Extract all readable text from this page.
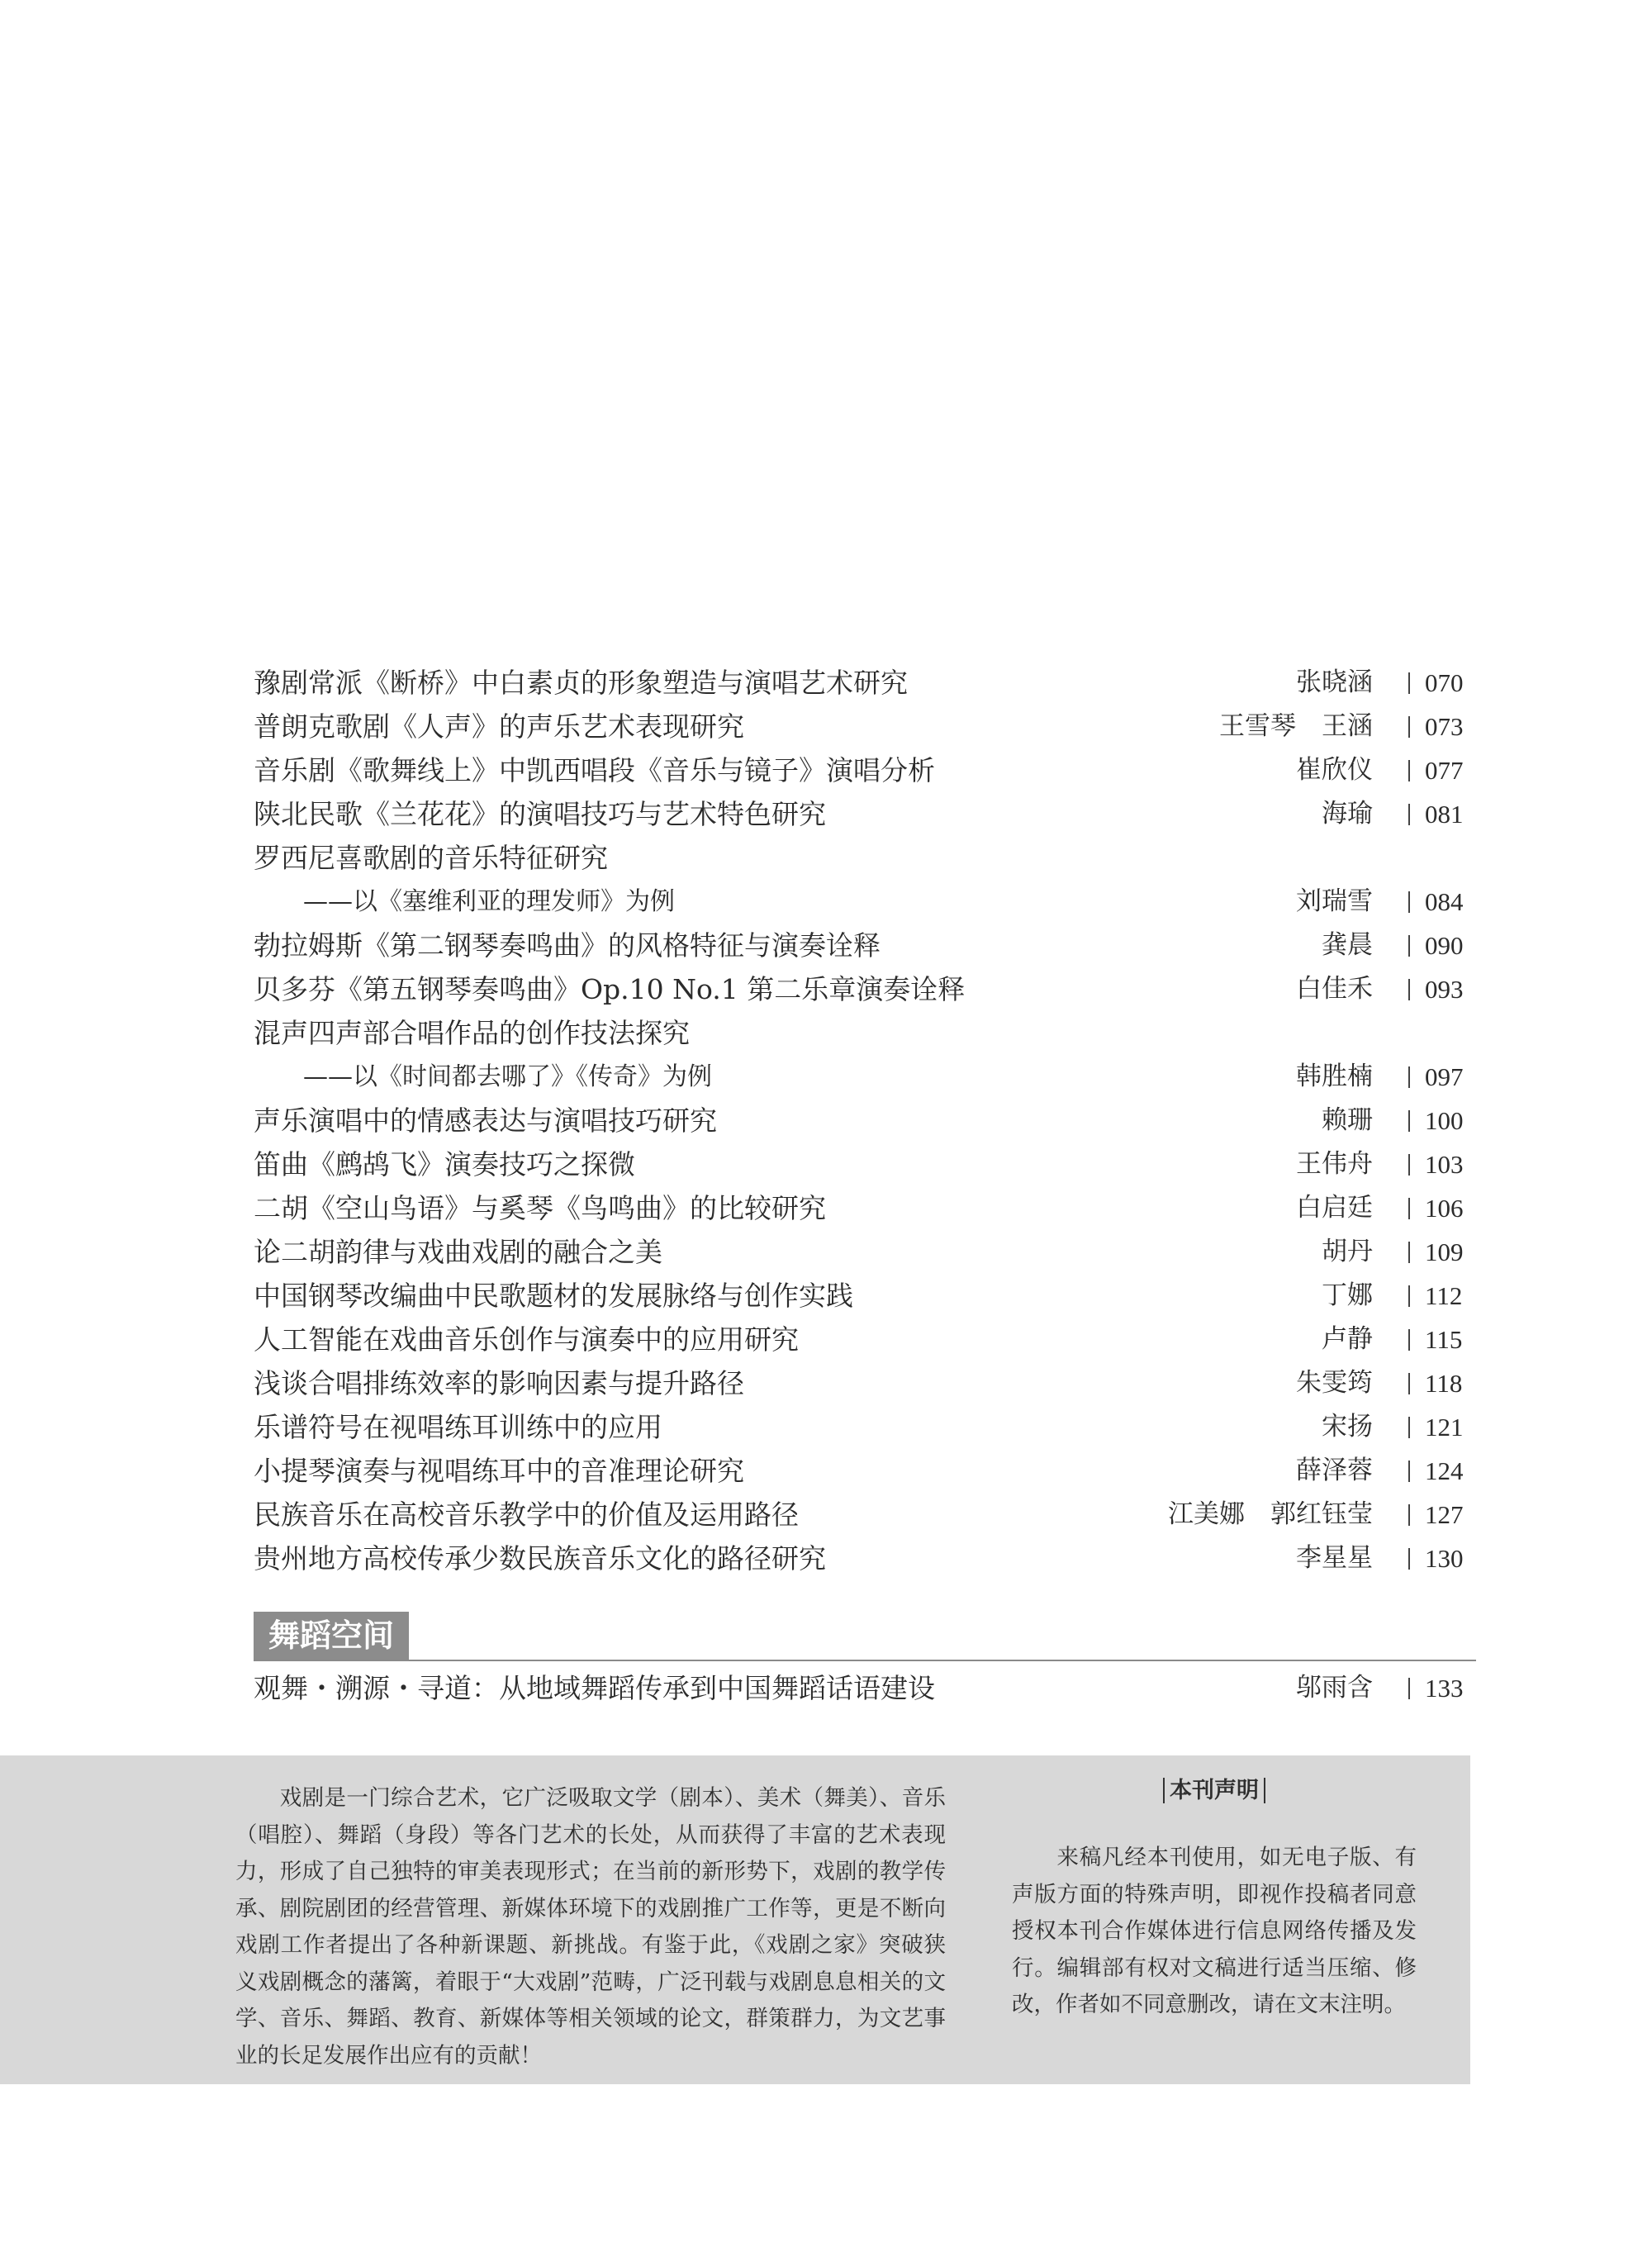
豫剧常派《断桥》中白素贞的形象塑造与演唱艺术研究	张晓涵	070
普朗克歌剧《人声》的声乐艺术表现研究	王雪琴　王涵	073
音乐剧《歌舞线上》中凯西唱段《音乐与镜子》演唱分析	崔欣仪	077
陕北民歌《兰花花》的演唱技巧与艺术特色研究	海瑜	081
罗西尼喜歌剧的音乐特征研究
——以《塞维利亚的理发师》为例	刘瑞雪	084
勃拉姆斯《第二钢琴奏鸣曲》的风格特征与演奏诠释	龚晨	090
贝多芬《第五钢琴奏鸣曲》Op.10 No.1 第二乐章演奏诠释	白佳禾	093
混声四声部合唱作品的创作技法探究
——以《时间都去哪了》《传奇》为例	韩胜楠	097
声乐演唱中的情感表达与演唱技巧研究	赖珊	100
笛曲《鹧鸪飞》演奏技巧之探微	王伟舟	103
二胡《空山鸟语》与奚琴《鸟鸣曲》的比较研究	白启廷	106
论二胡韵律与戏曲戏剧的融合之美	胡丹	109
中国钢琴改编曲中民歌题材的发展脉络与创作实践	丁娜	112
人工智能在戏曲音乐创作与演奏中的应用研究	卢静	115
浅谈合唱排练效率的影响因素与提升路径	朱雯筠	118
乐谱符号在视唱练耳训练中的应用	宋扬	121
小提琴演奏与视唱练耳中的音准理论研究	薛泽蓉	124
民族音乐在高校音乐教学中的价值及运用路径	江美娜　郭红钰莹	127
贵州地方高校传承少数民族音乐文化的路径研究	李星星	130
舞蹈空间
观舞・溯源・寻道：从地域舞蹈传承到中国舞蹈话语建设	邬雨含	133
　　戏剧是一门综合艺术，它广泛吸取文学（剧本）、美术（舞美）、音乐（唱腔）、舞蹈（身段）等各门艺术的长处，从而获得了丰富的艺术表现力，形成了自己独特的审美表现形式；在当前的新形势下，戏剧的教学传承、剧院剧团的经营管理、新媒体环境下的戏剧推广工作等，更是不断向戏剧工作者提出了各种新课题、新挑战。有鉴于此，《戏剧之家》突破狭义戏剧概念的藩篱，着眼于“大戏剧”范畴，广泛刊载与戏剧息息相关的文学、音乐、舞蹈、教育、新媒体等相关领域的论文，群策群力，为文艺事业的长足发展作出应有的贡献！
本刊声明
　　来稿凡经本刊使用，如无电子版、有声版方面的特殊声明，即视作投稿者同意授权本刊合作媒体进行信息网络传播及发行。编辑部有权对文稿进行适当压缩、修改，作者如不同意删改，请在文末注明。
